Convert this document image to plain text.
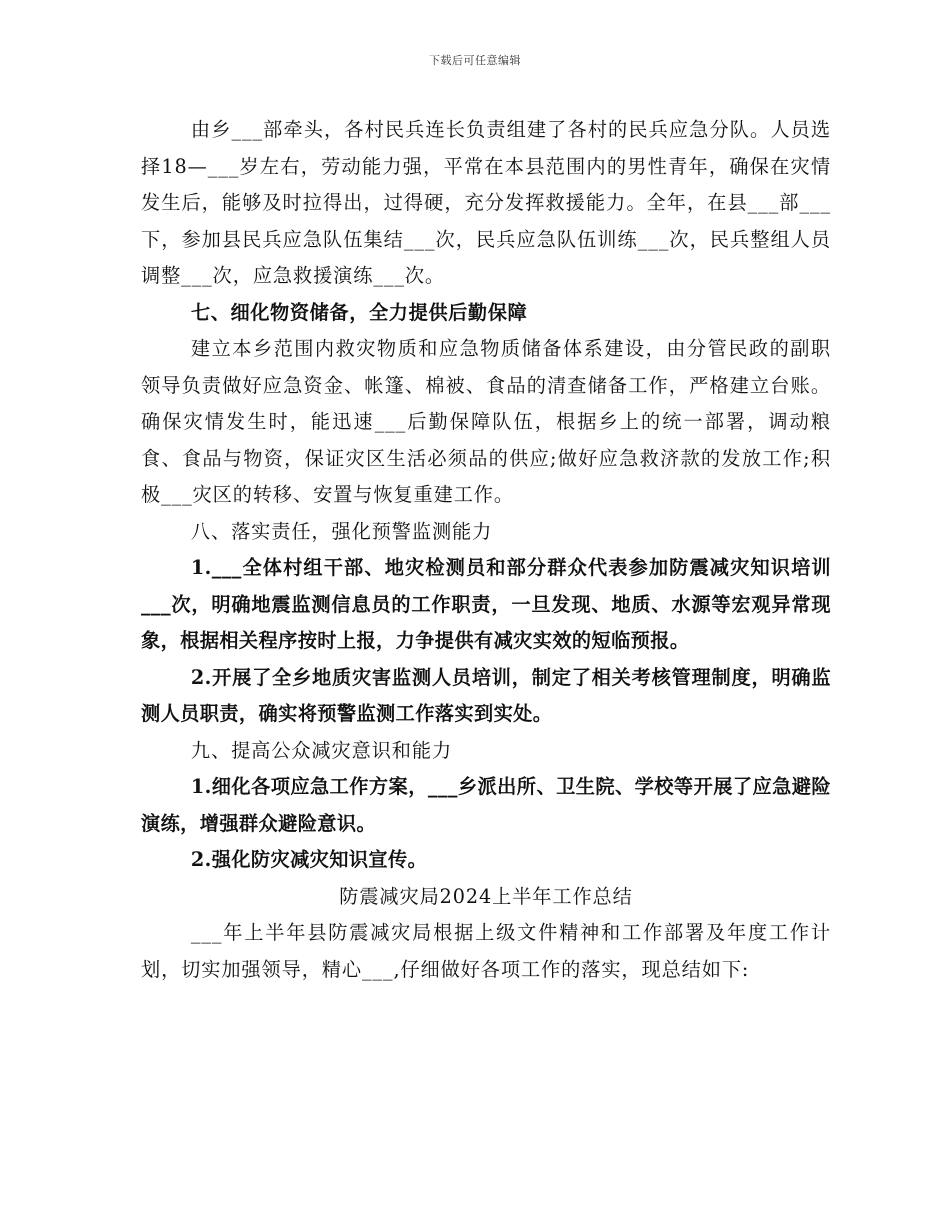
下载后可任意编辑

由乡___部牵头，各村民兵连长负责组建了各村的民兵应急分队。人员选择18—___岁左右，劳动能力强，平常在本县范围内的男性青年，确保在灾情发生后，能够及时拉得出，过得硬，充分发挥救援能力。全年，在县___部___下，参加县民兵应急队伍集结___次，民兵应急队伍训练___次，民兵整组人员调整___次，应急救援演练___次。

七、细化物资储备，全力提供后勤保障

建立本乡范围内救灾物质和应急物质储备体系建设，由分管民政的副职领导负责做好应急资金、帐篷、棉被、食品的清查储备工作，严格建立台账。确保灾情发生时，能迅速___后勤保障队伍，根据乡上的统一部署，调动粮食、食品与物资，保证灾区生活必须品的供应;做好应急救济款的发放工作;积极___灾区的转移、安置与恢复重建工作。

八、落实责任，强化预警监测能力

1.___全体村组干部、地灾检测员和部分群众代表参加防震减灾知识培训___次，明确地震监测信息员的工作职责，一旦发现、地质、水源等宏观异常现象，根据相关程序按时上报，力争提供有减灾实效的短临预报。

2.开展了全乡地质灾害监测人员培训，制定了相关考核管理制度，明确监测人员职责，确实将预警监测工作落实到实处。

九、提高公众减灾意识和能力

1.细化各项应急工作方案，___乡派出所、卫生院、学校等开展了应急避险演练，增强群众避险意识。

2.强化防灾减灾知识宣传。

防震减灾局2024上半年工作总结

___年上半年县防震减灾局根据上级文件精神和工作部署及年度工作计划，切实加强领导，精心___,仔细做好各项工作的落实，现总结如下:
